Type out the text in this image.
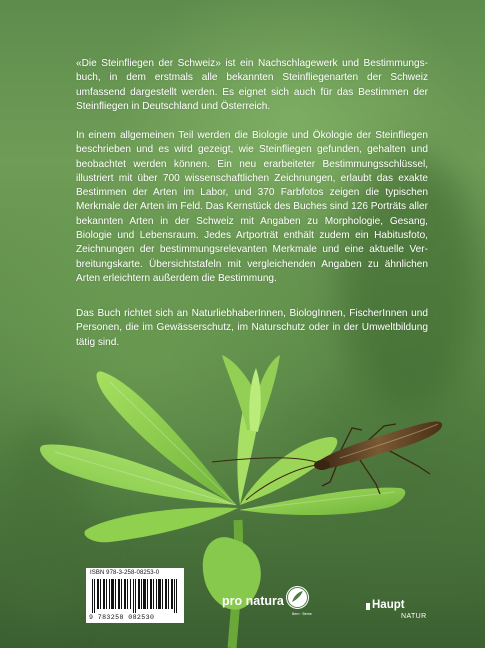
«Die Steinfliegen der Schweiz» ist ein Nachschlagewerk und Bestimmungsbuch, in dem erstmals alle bekannten Steinfliegenarten der Schweiz umfassend dargestellt werden. Es eignet sich auch für das Bestimmen der Steinfliegen in Deutschland und Österreich.

In einem allgemeinen Teil werden die Biologie und Ökologie der Steinfliegen beschrieben und es wird gezeigt, wie Steinfliegen gefunden, gehalten und beobachtet werden können. Ein neu erarbeiteter Bestimmungsschlüssel, illustriert mit über 700 wissenschaftlichen Zeichnungen, erlaubt das exakte Bestimmen der Arten im Labor, und 370 Farbfotos zeigen die typischen Merkmale der Arten im Feld. Das Kernstück des Buches sind 126 Porträts aller bekannten Arten in der Schweiz mit Angaben zu Morphologie, Gesang, Biologie und Lebensraum. Jedes Artporträt enthält zudem ein Habitusfoto, Zeichnungen der bestimmungsrelevanten Merkmale und eine aktuelle Verbreitungskarte. Übersichtstafeln mit vergleichenden Angaben zu ähnlichen Arten erleichtern außerdem die Bestimmung.

Das Buch richtet sich an NaturliebhaberInnen, BiologInnen, FischerInnen und Personen, die im Gewässerschutz, im Naturschutz oder in der Umweltbildung tätig sind.

ISBN 978-3-258-08253-0
9 783258 082530
pro natura
Bern · Berne
Haupt
NATUR
